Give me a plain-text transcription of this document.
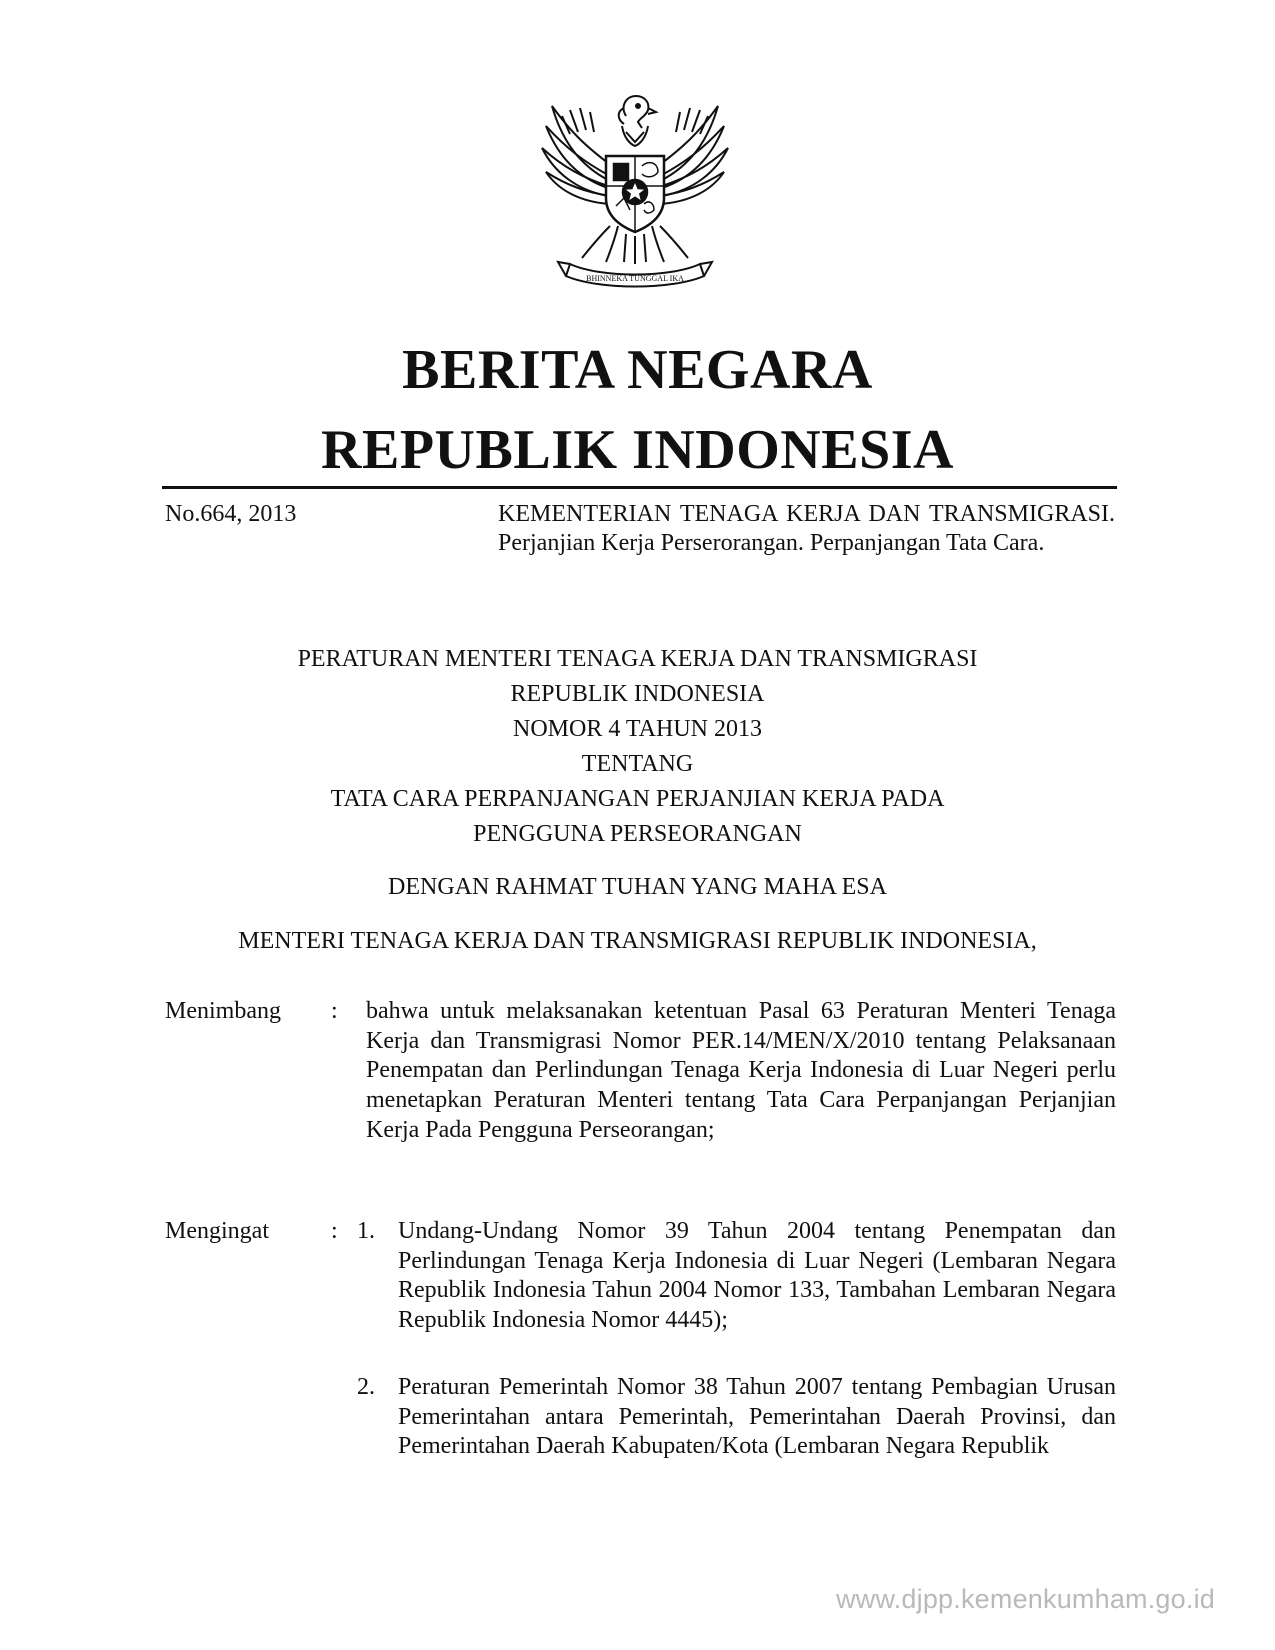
BHINNEKA TUNGGAL IKA
BERITA NEGARA
REPUBLIK INDONESIA
No.664, 2013	KEMENTERIAN TENAGA KERJA DAN TRANSMIGRASI. Perjanjian Kerja Perserorangan. Perpanjangan Tata Cara.
PERATURAN MENTERI TENAGA KERJA DAN TRANSMIGRASI
REPUBLIK INDONESIA
NOMOR 4 TAHUN 2013
TENTANG
TATA CARA PERPANJANGAN PERJANJIAN KERJA PADA
PENGGUNA PERSEORANGAN
DENGAN RAHMAT TUHAN YANG MAHA ESA
MENTERI TENAGA KERJA DAN TRANSMIGRASI REPUBLIK INDONESIA,
Menimbang : bahwa untuk melaksanakan ketentuan Pasal 63 Peraturan Menteri Tenaga Kerja dan Transmigrasi Nomor PER.14/MEN/X/2010 tentang Pelaksanaan Penempatan dan Perlindungan Tenaga Kerja Indonesia di Luar Negeri perlu menetapkan Peraturan Menteri tentang Tata Cara Perpanjangan Perjanjian Kerja Pada Pengguna Perseorangan;
Mengingat	: 1. Undang-Undang Nomor 39 Tahun 2004 tentang Penempatan dan Perlindungan Tenaga Kerja Indonesia di Luar Negeri (Lembaran Negara Republik Indonesia Tahun 2004 Nomor 133, Tambahan Lembaran Negara Republik Indonesia Nomor 4445);
2. Peraturan Pemerintah Nomor 38 Tahun 2007 tentang Pembagian Urusan Pemerintahan antara Pemerintah, Pemerintahan Daerah Provinsi, dan Pemerintahan Daerah Kabupaten/Kota (Lembaran Negara Republik
www.djpp.kemenkumham.go.id
